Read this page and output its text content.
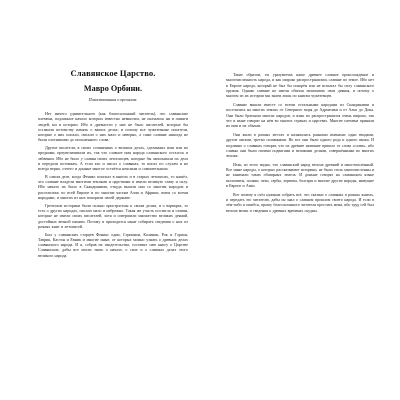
Славянское Царство.
Мавро Орбини.
Повествования о прошлом.

Нет ничего удивительного (как благосклонный читатель), что славянские племена, подлинное начало которых известно немногим, не оказались ни в памяти людей, ни в истории. Ибо в древности у них не было писателей, которые бы оставили потомству память о ваших делах; и потому все чужеземные писатели, которые о них писали, писали о них мало и неверно, а сами славяне никогда не были охотниками до письменного слова.

Другие писатели, в своих сочинениях о великих делах, сделанных ими или их предками, преувеличивали их, так что славное имя народа славянского осталось в забвении. Ибо не было у славян своих летописцев, которые бы записывали их дела и передали потомкам. А если кто и писал о славянах, то писал по слухам и не всегда верно, отчего и доныне многое остаётся неясным и сомнительным.

В самом деле, когда Феникс поискал в книгах и в старых летописях, то нашёл, что славяне владели многими землями и царствами и имели великую славу и силу. Ибо начало их было в Скандинавии, откуда вышли они со многим народом и расселились по всей Европе и по многим частям Азии и Африки, воюя со всеми народами, и многих из них покорили своей державе.

Греческие историки были сильно пристрастны к своим делам, и о варварах, то есть о других народах, писали мало и небрежно. Такая же участь постигла и славян, которые не имели своих писателей, хотя и совершили множество великих деяний, достойных вечной памяти. Потому и приходится ныне собирать сведения о них из разных книг и летописей.

Был у славянских старцев Феникс один, Стриннон, Калиник, Рок и Гэрион, Таврик, Кастон и Евник и многие иные, от которых можно узнать о древних делах славянского народа. И я, собрав их свидетельства, составил сию книгу о Царстве Славянском, дабы все могли знать о начале, о силе и о славных делах этого великого народа.

Такие образом, ты уразумеешь наше древнее славное происхождение и многочисленность народа, и как широко распространились славяне по земле. Ибо нет в Европе народа, который не был бы покорён или не испытал бы силу славянского оружия. Однако славяне не имели обычая записывать свои деяния, и потому о многом из их истории мы знаем лишь по книгам чужеземцев.

Славяне вышли вместе со всеми остальными народами из Скандинавии и поселились на многих землях от Северного моря до Адриатики и от Альп до Дона. Они были братьями многих народов, и язык их распространился очень широко, так что и ныне говорят на нём во многих странах и царствах. Многие племена приняли их имя и их обычаи.

Они жили в разных местах и назывались разными именами: одни вендами, другие антами, третьи склавинами. Но все они были одного рода и одного языка. И подлинно о славянах говорят, что их древнее название пришло от слова «слава», ибо славны они были своими подвигами и великими делами, совершёнными во многих землях.

Итак, из этого видно, что славянский народ весьма древний и многочисленный. Все иные народы, о которых рассказывают историки, не были столь многочисленны и не занимали таких обширных земель. И доныне говорят на славянском языке московиты, поляки, чехи, сербы, хорваты, болгары и многие другие народы, живущие в Европе и Азии.

Вот почему я счёл нужным собрать всё, что сказано о славянах в разных книгах, и передать это читателю, дабы он знал о славном прошлом своего народа. И если в чём-либо я ошибся, прошу благосклонного читателя простить меня, ибо труд сей был весьма велик и сведения о древних временах скудны.
